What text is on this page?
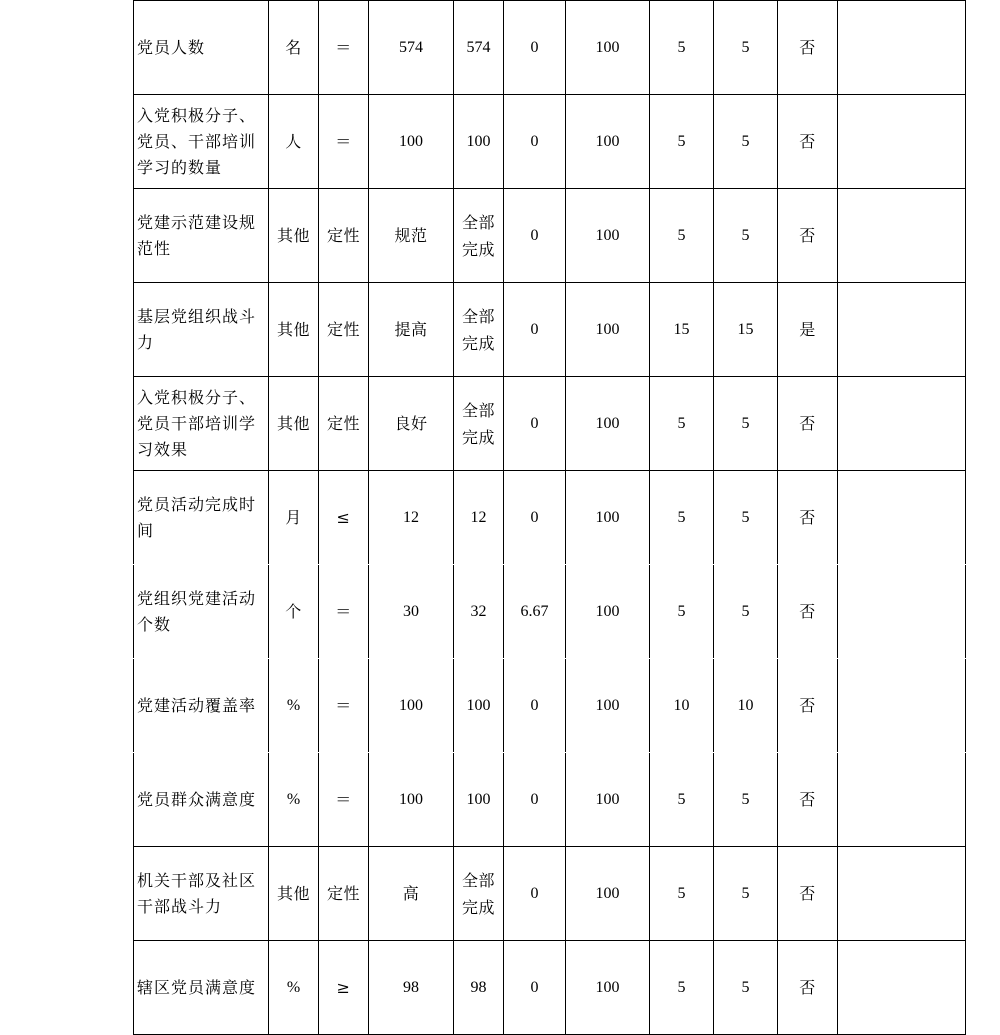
党员人数	名	＝	574	574	0	100	5	5	否	
入党积极分子、党员、干部培训学习的数量	人	＝	100	100	0	100	5	5	否	
党建示范建设规范性	其他	定性	规范	全部完成	0	100	5	5	否	
基层党组织战斗力	其他	定性	提高	全部完成	0	100	15	15	是	
入党积极分子、党员干部培训学习效果	其他	定性	良好	全部完成	0	100	5	5	否	
党员活动完成时间	月	≤	12	12	0	100	5	5	否	
党组织党建活动个数	个	＝	30	32	6.67	100	5	5	否	
党建活动覆盖率	%	＝	100	100	0	100	10	10	否	
党员群众满意度	%	＝	100	100	0	100	5	5	否	
机关干部及社区干部战斗力	其他	定性	高	全部完成	0	100	5	5	否	
辖区党员满意度	%	≥	98	98	0	100	5	5	否	
